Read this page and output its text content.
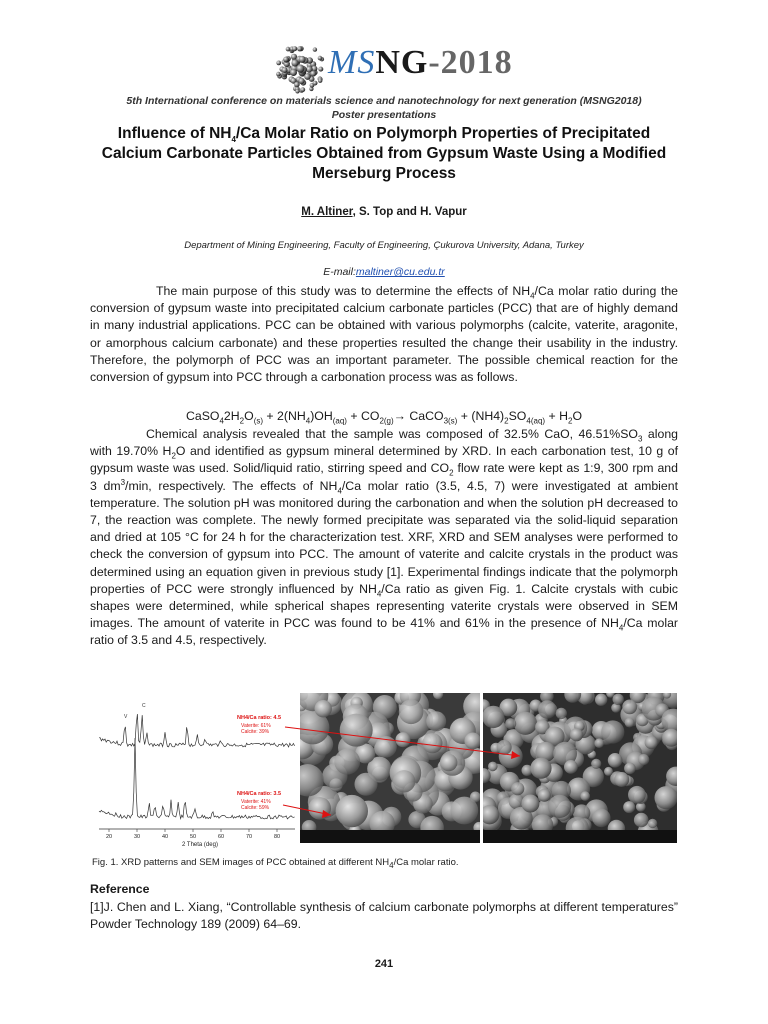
MSNG-2018
5th International conference on materials science and nanotechnology for next generation (MSNG2018)
Poster presentations
Influence of $NH_4/Ca$ Molar Ratio on Polymorph Properties of Precipitated Calcium Carbonate Particles Obtained from Gypsum Waste Using a Modified Merseburg Process
M. Altiner, S. Top and H. Vapur
Department of Mining Engineering, Faculty of Engineering, Çukurova University, Adana, Turkey
E-mail:maltiner@cu.edu.tr
The main purpose of this study was to determine the effects of $NH_4/Ca$ molar ratio during the conversion of gypsum waste into precipitated calcium carbonate particles (PCC) that are of highly demand in many industrial applications. PCC can be obtained with various polymorphs (calcite, vaterite, aragonite, or amorphous calcium carbonate) and these properties resulted the change their usability in the industry. Therefore, the polymorph of PCC was an important parameter. The possible chemical reaction for the conversion of gypsum into PCC through a carbonation process was as follows.
$CaSO_42H_2O_{(s)} + 2(NH_4)OH_{(aq)} + CO_{2(g)}\to$ CaCO$_{3(s)}$ + $(NH4)_2SO_{4(aq)} + H_2O$
Chemical analysis revealed that the sample was composed of 32.5% CaO, $46.51\%SO_3$ along with 19.70% $H_2O$ and identified as gypsum mineral determined by XRD. In each carbonation test, 10 g of gypsum waste was used. Solid/liquid ratio, stirring speed and $CO_2$ flow rate were kept as 1:9, 300 rpm and 3 $dm^3/\min$, respectively. The effects of $NH_4/Ca$ molar ratio (3.5, 4.5, 7) were investigated at ambient temperature. The solution pH was monitored during the carbonation and when the solution pH decreased to 7, the reaction was complete. The newly formed precipitate was separated via the solid-liquid separation and dried at 105 °C for 24 h for the characterization test. XRF, XRD and SEM analyses were performed to check the conversion of gypsum into PCC. The amount of vaterite and calcite crystals in the product was determined using an equation given in previous study [1]. Experimental findings indicate that the polymorph properties of PCC were strongly influenced by $NH_4/Ca$ ratio as given Fig. 1. Calcite crystals with cubic shapes were determined, while spherical shapes representing vaterite crystals were observed in SEM images. The amount of vaterite in PCC was found to be 41% and 61% in the presence of $NH_4/Ca$ molar ratio of 3.5 and 4.5, respectively.
20	30	40	50	60	70	80
2 Theta (deg)
NH4/Ca ratio: 4.5
Vaterite: 61%
Calcite: 39%
NH4/Ca ratio: 3.5
Vaterite: 41%
Calcite: 59%
C
V
Fig. 1. XRD patterns and SEM images of PCC obtained at different $NH_4/Ca$ molar ratio.
Reference
[1]J. Chen and L. Xiang, “Controllable synthesis of calcium carbonate polymorphs at different temperatures” Powder Technology 189 (2009) 64–69.
241
